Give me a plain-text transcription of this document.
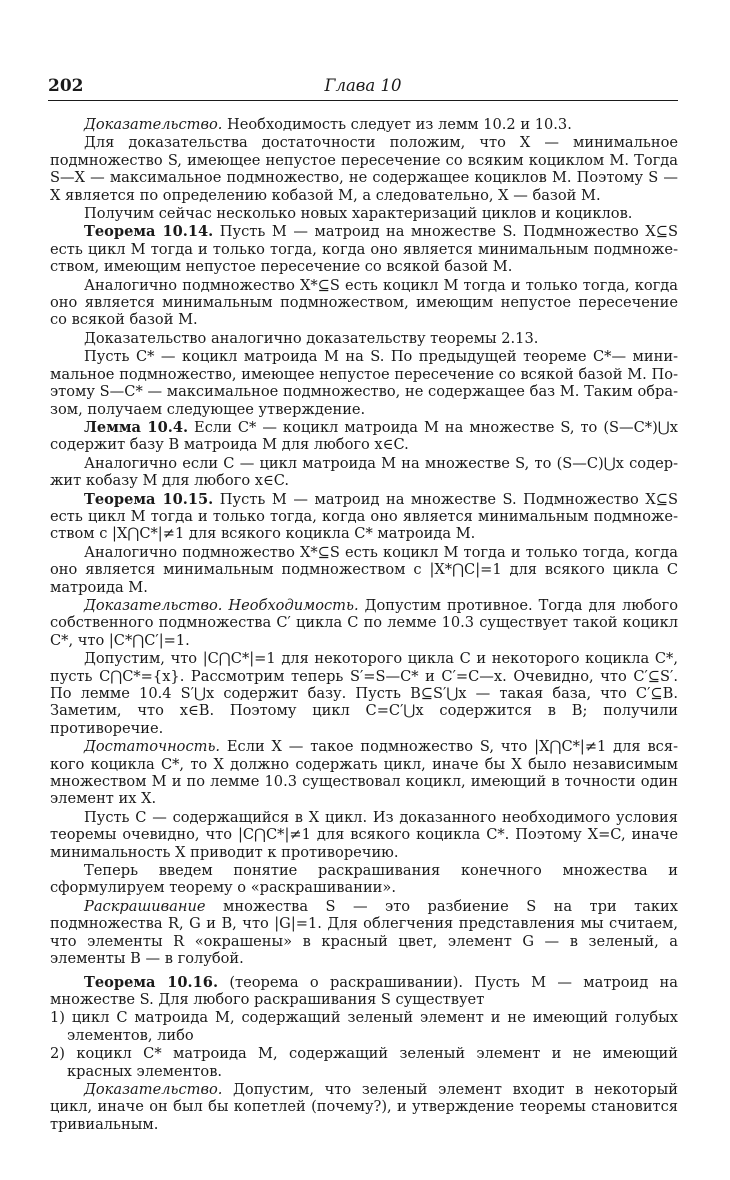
202	Глава 10

Доказательство. Необходимость следует из лемм 10.2 и 10.3.

Для доказательства достаточности положим, что X — минимальное подмножество S, имеющее непустое пересечение со всяким коциклом M. Тогда S—X — максимальное подмножество, не содержащее коциклов M. Поэтому S — X является по определению кобазой M, а следовательно, X — базой M.

Получим сейчас несколько новых характеризаций циклов и коциклов.

Теорема 10.14. Пусть M — матроид на множестве S. Подмножество X⊆S есть цикл M тогда и только тогда, когда оно является минимальным подмножеством, имеющим непустое пересечение со всякой базой M.

Аналогично подмножество X*⊆S есть коцикл M тогда и только тогда, когда оно является минимальным подмножеством, имеющим непустое пересечение со всякой базой M.

Доказательство аналогично доказательству теоремы 2.13.

Пусть C* — коцикл матроида M на S. По предыдущей теореме C*— минимальное подмножество, имеющее непустое пересечение со всякой базой M. Поэтому S—C* — максимальное подмножество, не содержащее баз M. Таким образом, получаем следующее утверждение.

Лемма 10.4. Если C* — коцикл матроида M на множестве S, то (S—C*)⋃x содержит базу B матроида M для любого x∈C.

Аналогично если C — цикл матроида M на множестве S, то (S—C)⋃x содержит кобазу M для любого x∈C.

Теорема 10.15. Пусть M — матроид на множестве S. Подмножество X⊆S есть цикл M тогда и только тогда, когда оно является минимальным подмножеством с |X⋂C*|≠1 для всякого коцикла C* матроида M.

Аналогично подмножество X*⊆S есть коцикл M тогда и только тогда, когда оно является минимальным подмножеством с |X*⋂C|=1 для всякого цикла C матроида M.

Доказательство. Необходимость. Допустим противное. Тогда для любого собственного подмножества C′ цикла C по лемме 10.3 существует такой коцикл C*, что |C*⋂C′|=1.

Допустим, что |C⋂C*|=1 для некоторого цикла C и некоторого коцикла C*, пусть C⋂C*={x}. Рассмотрим теперь S′=S—C* и C′=C—x. Очевидно, что C′⊆S′. По лемме 10.4 S′⋃x содержит базу. Пусть B⊆S′⋃x — такая база, что C′⊆B. Заметим, что x∈B. Поэтому цикл C=C′⋃x содержится в B; получили противоречие.

Достаточность. Если X — такое подмножество S, что |X⋂C*|≠1 для всякого коцикла C*, то X должно содержать цикл, иначе бы X было независимым множеством M и по лемме 10.3 существовал коцикл, имеющий в точности один элемент их X.

Пусть C — содержащийся в X цикл. Из доказанного необходимого условия теоремы очевидно, что |C⋂C*|≠1 для всякого коцикла C*. Поэтому X=C, иначе минимальность X приводит к противоречию.

Теперь введем понятие раскрашивания конечного множества и сформулируем теорему о «раскрашивании».

Раскрашивание множества S — это разбиение S на три таких подмножества R, G и B, что |G|=1. Для облегчения представления мы считаем, что элементы R «окрашены» в красный цвет, элемент G — в зеленый, а элементы B — в голубой.

Теорема 10.16. (теорема о раскрашивании). Пусть M — матроид на множестве S. Для любого раскрашивания S существует

1) цикл C матроида M, содержащий зеленый элемент и не имеющий голубых элементов, либо

2) коцикл C* матроида M, содержащий зеленый элемент и не имеющий красных элементов.

Доказательство. Допустим, что зеленый элемент входит в некоторый цикл, иначе он был бы копетлей (почему?), и утверждение теоремы становится тривиальным.
